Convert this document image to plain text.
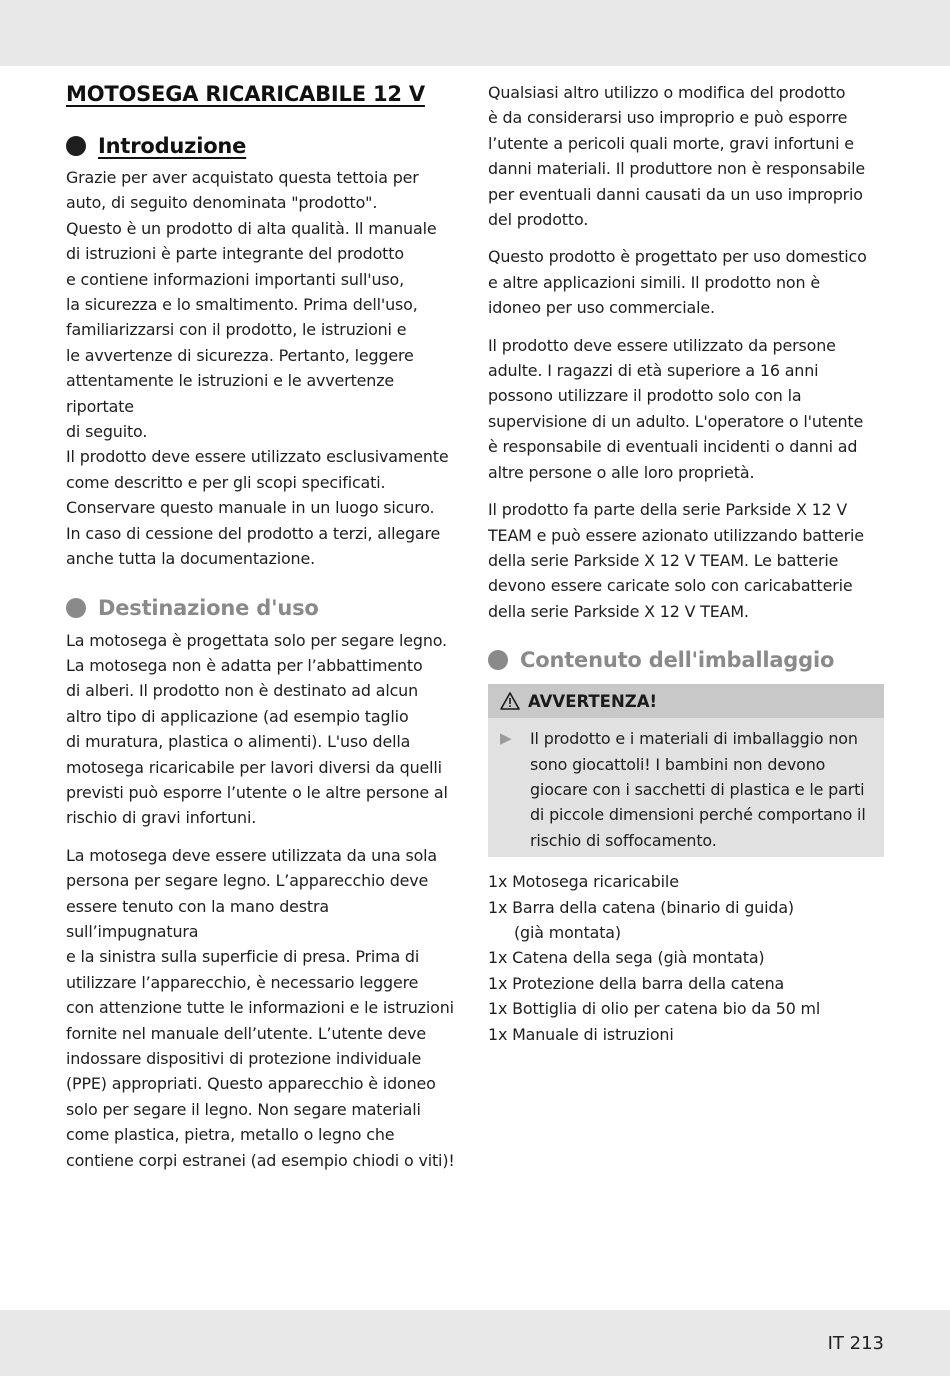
MOTOSEGA RICARICABILE 12 V
Introduzione

Grazie per aver acquistato questa tettoia per
auto, di seguito denominata "prodotto".
Questo è un prodotto di alta qualità. Il manuale
di istruzioni è parte integrante del prodotto
e contiene informazioni importanti sull'uso,
la sicurezza e lo smaltimento. Prima dell'uso,
familiarizzarsi con il prodotto, le istruzioni e
le avvertenze di sicurezza. Pertanto, leggere
attentamente le istruzioni e le avvertenze riportate
di seguito.
Il prodotto deve essere utilizzato esclusivamente
come descritto e per gli scopi specificati.
Conservare questo manuale in un luogo sicuro.
In caso di cessione del prodotto a terzi, allegare
anche tutta la documentazione.

Destinazione d'uso

La motosega è progettata solo per segare legno.
La motosega non è adatta per l’abbattimento
di alberi. Il prodotto non è destinato ad alcun
altro tipo di applicazione (ad esempio taglio
di muratura, plastica o alimenti). L'uso della
motosega ricaricabile per lavori diversi da quelli
previsti può esporre l’utente o le altre persone al
rischio di gravi infortuni.

La motosega deve essere utilizzata da una sola
persona per segare legno. L’apparecchio deve
essere tenuto con la mano destra sull’impugnatura
e la sinistra sulla superficie di presa. Prima di
utilizzare l’apparecchio, è necessario leggere
con attenzione tutte le informazioni e le istruzioni
fornite nel manuale dell’utente. L’utente deve
indossare dispositivi di protezione individuale
(PPE) appropriati. Questo apparecchio è idoneo
solo per segare il legno. Non segare materiali
come plastica, pietra, metallo o legno che
contiene corpi estranei (ad esempio chiodi o viti)!

Qualsiasi altro utilizzo o modifica del prodotto
è da considerarsi uso improprio e può esporre
l’utente a pericoli quali morte, gravi infortuni e
danni materiali. Il produttore non è responsabile
per eventuali danni causati da un uso improprio
del prodotto.

Questo prodotto è progettato per uso domestico
e altre applicazioni simili. Il prodotto non è
idoneo per uso commerciale.

Il prodotto deve essere utilizzato da persone
adulte. I ragazzi di età superiore a 16 anni
possono utilizzare il prodotto solo con la
supervisione di un adulto. L'operatore o l'utente
è responsabile di eventuali incidenti o danni ad
altre persone o alle loro proprietà.

Il prodotto fa parte della serie Parkside X 12 V
TEAM e può essere azionato utilizzando batterie
della serie Parkside X 12 V TEAM. Le batterie
devono essere caricate solo con caricabatterie
della serie Parkside X 12 V TEAM.

Contenuto dell'imballaggio
AVVERTENZA!
▶	Il prodotto e i materiali di imballaggio non
sono giocattoli! I bambini non devono
giocare con i sacchetti di plastica e le parti
di piccole dimensioni perché comportano il
rischio di soffocamento.

1x Motosega ricaricabile
1x Barra della catena (binario di guida)
(già montata)
1x Catena della sega (già montata)
1x Protezione della barra della catena
1x Bottiglia di olio per catena bio da 50 ml
1x Manuale di istruzioni
IT 213
